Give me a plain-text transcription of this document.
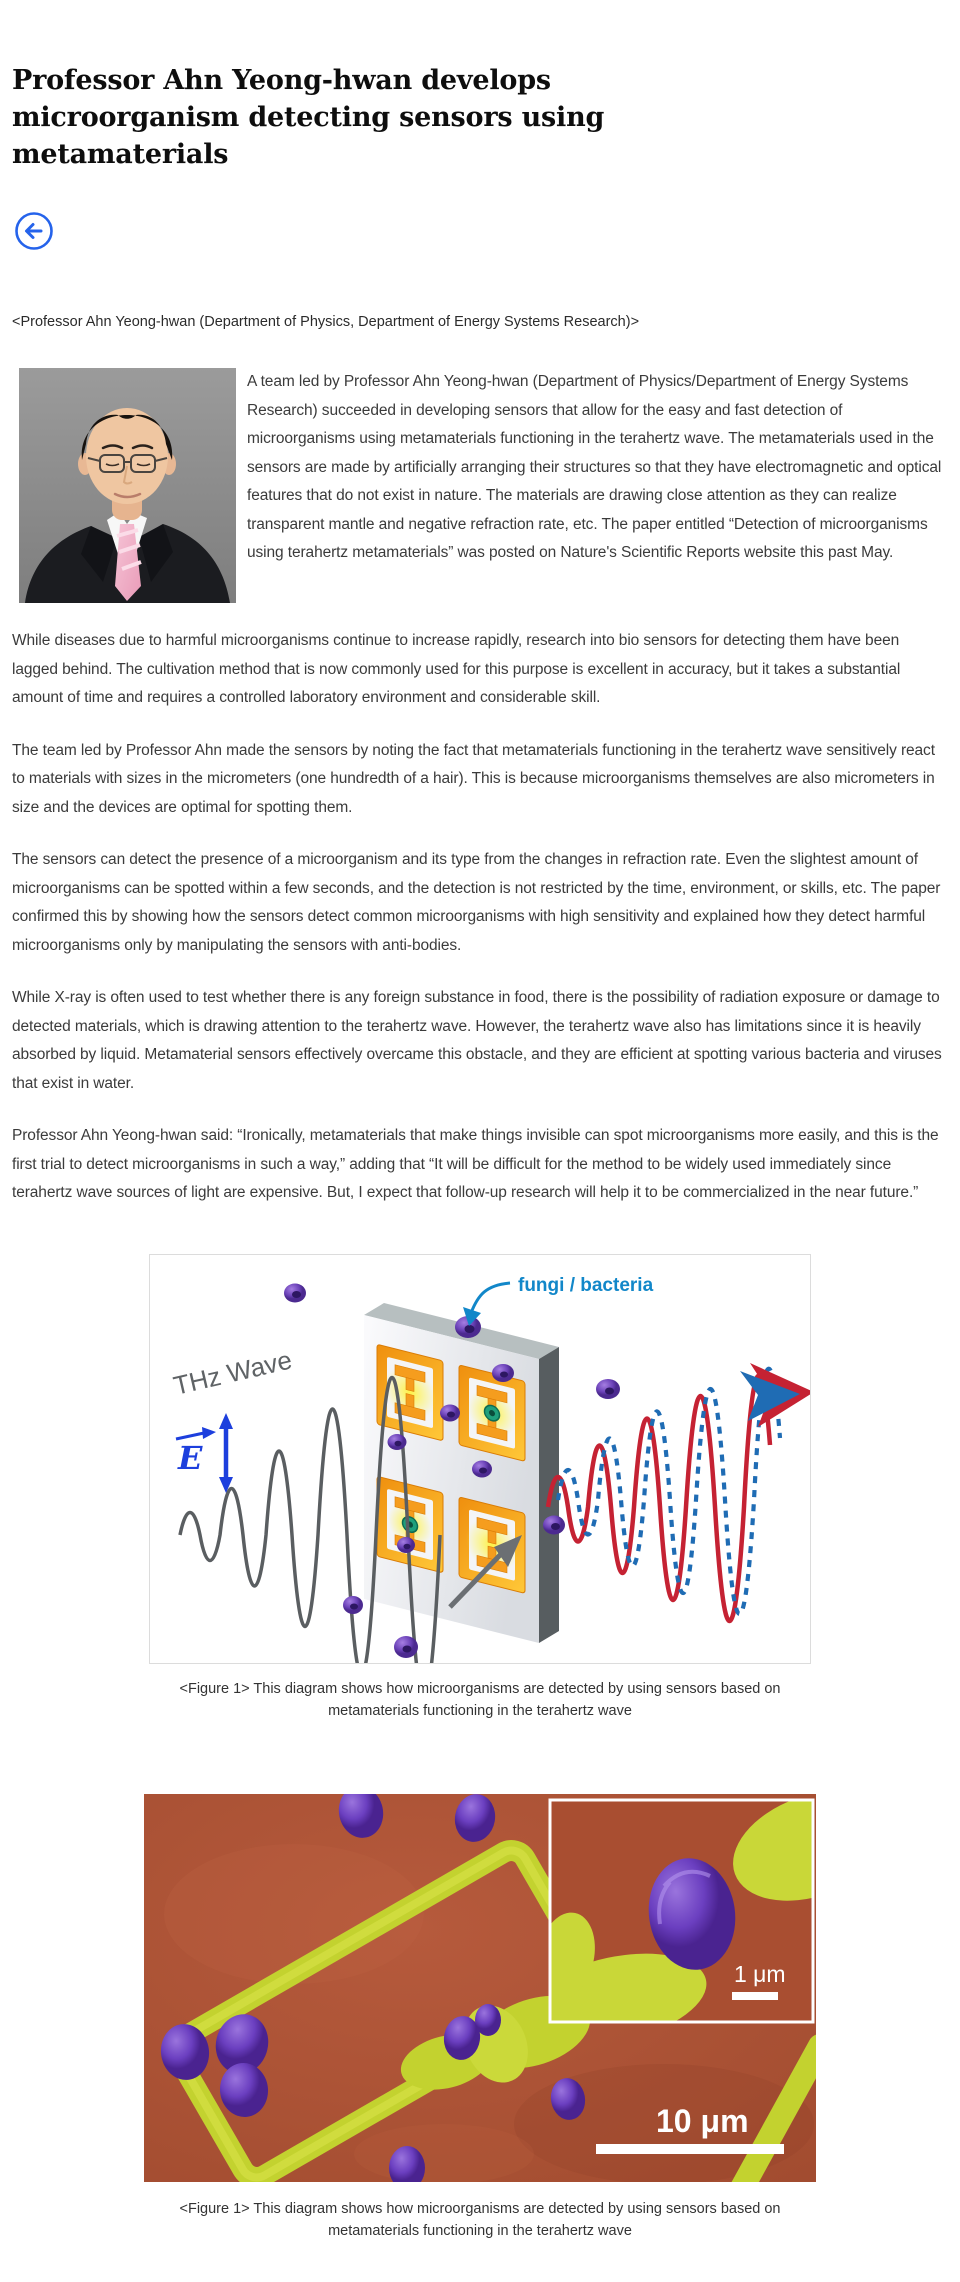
Professor Ahn Yeong-hwan develops microorganism detecting sensors using metamaterials

<Professor Ahn Yeong-hwan (Department of Physics, Department of Energy Systems Research)>

A team led by Professor Ahn Yeong-hwan (Department of Physics/Department of Energy Systems Research) succeeded in developing sensors that allow for the easy and fast detection of microorganisms using metamaterials functioning in the terahertz wave. The metamaterials used in the sensors are made by artificially arranging their structures so that they have electromagnetic and optical features that do not exist in nature. The materials are drawing close attention as they can realize transparent mantle and negative refraction rate, etc. The paper entitled “Detection of microorganisms using terahertz metamaterials” was posted on Nature's Scientific Reports website this past May.

While diseases due to harmful microorganisms continue to increase rapidly, research into bio sensors for detecting them have been lagged behind. The cultivation method that is now commonly used for this purpose is excellent in accuracy, but it takes a substantial amount of time and requires a controlled laboratory environment and considerable skill.

The team led by Professor Ahn made the sensors by noting the fact that metamaterials functioning in the terahertz wave sensitively react to materials with sizes in the micrometers (one hundredth of a hair). This is because microorganisms themselves are also micrometers in size and the devices are optimal for spotting them.

The sensors can detect the presence of a microorganism and its type from the changes in refraction rate. Even the slightest amount of microorganisms can be spotted within a few seconds, and the detection is not restricted by the time, environment, or skills, etc. The paper confirmed this by showing how the sensors detect common microorganisms with high sensitivity and explained how they detect harmful microorganisms only by manipulating the sensors with anti-bodies.

While X-ray is often used to test whether there is any foreign substance in food, there is the possibility of radiation exposure or damage to detected materials, which is drawing attention to the terahertz wave. However, the terahertz wave also has limitations since it is heavily absorbed by liquid. Metamaterial sensors effectively overcame this obstacle, and they are efficient at spotting various bacteria and viruses that exist in water.

Professor Ahn Yeong-hwan said: “Ironically, metamaterials that make things invisible can spot microorganisms more easily, and this is the first trial to detect microorganisms in such a way,” adding that “It will be difficult for the method to be widely used immediately since terahertz wave sources of light are expensive. But, I expect that follow-up research will help it to be commercialized in the near future.”

fungi / bacteria
THz Wave
E
<Figure 1> This diagram shows how microorganisms are detected by using sensors based on metamaterials functioning in the terahertz wave
1 μm
10 μm
<Figure 1> This diagram shows how microorganisms are detected by using sensors based on metamaterials functioning in the terahertz wave
